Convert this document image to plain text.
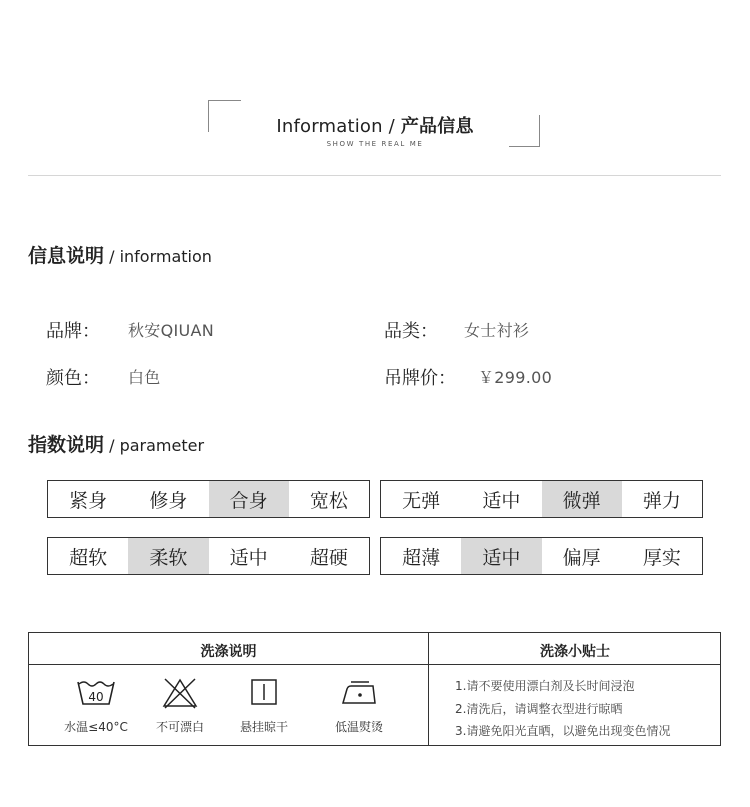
Information / 产品信息
SHOW THE REAL ME
信息说明 / information
品牌： 秋安QIUAN	品类： 女士衬衫
颜色： 白色	吊牌价： ￥299.00
指数说明 / parameter
紧身	修身	合身	宽松	无弹	适中	微弹	弹力
超软	柔软	适中	超硬	超薄	适中	偏厚	厚实
洗涤说明	洗涤小贴士
40
水温≤40°C	不可漂白	悬挂晾干	低温熨烫
1.请不要使用漂白剂及长时间浸泡
2.清洗后，请调整衣型进行晾晒
3.请避免阳光直晒，以避免出现变色情况
